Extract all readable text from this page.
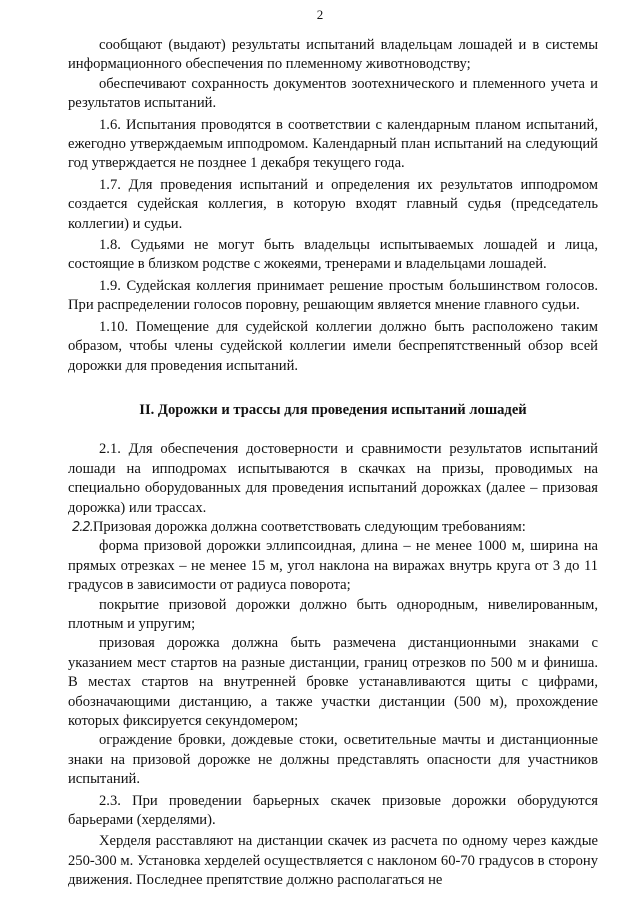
2

сообщают (выдают) результаты испытаний владельцам лошадей и в системы информационного обеспечения по племенному животноводству;

обеспечивают сохранность документов зоотехнического и племенного учета и результатов испытаний.

1.6. Испытания проводятся в соответствии с календарным планом испытаний, ежегодно утверждаемым ипподромом. Календарный план испытаний на следующий год утверждается не позднее 1 декабря текущего года.

1.7. Для проведения испытаний и определения их результатов ипподромом создается судейская коллегия, в которую входят главный судья (председатель коллегии) и судьи.

1.8. Судьями не могут быть владельцы испытываемых лошадей и лица, состоящие в близком родстве с жокеями, тренерами и владельцами лошадей.

1.9. Судейская коллегия принимает решение простым большинством голосов. При распределении голосов поровну, решающим является мнение главного судьи.

1.10. Помещение для судейской коллегии должно быть расположено таким образом, чтобы члены судейской коллегии имели беспрепятственный обзор всей дорожки для проведения испытаний.

II. Дорожки и трассы для проведения испытаний лошадей

2.1. Для обеспечения достоверности и сравнимости результатов испытаний лошади на ипподромах испытываются в скачках на призы, проводимых на специально оборудованных для проведения испытаний дорожках (далее – призовая дорожка) или трассах.

2.2.Призовая дорожка должна соответствовать следующим требованиям:

форма призовой дорожки эллипсоидная, длина – не менее 1000 м, ширина на прямых отрезках – не менее 15 м, угол наклона на виражах внутрь круга от 3 до 11 градусов в зависимости от радиуса поворота;

покрытие призовой дорожки должно быть однородным, нивелированным, плотным и упругим;

призовая дорожка должна быть размечена дистанционными знаками с указанием мест стартов на разные дистанции, границ отрезков по 500 м и финиша. В местах стартов на внутренней бровке устанавливаются щиты с цифрами, обозначающими дистанцию, а также участки дистанции (500 м), прохождение которых фиксируется секундомером;

ограждение бровки, дождевые стоки, осветительные мачты и дистанционные знаки на призовой дорожке не должны представлять опасности для участников испытаний.

2.3. При проведении барьерных скачек призовые дорожки оборудуются барьерами (херделями).

Херделя расставляют на дистанции скачек из расчета по одному через каждые 250-300 м. Установка херделей осуществляется с наклоном 60-70 градусов в сторону движения. Последнее препятствие должно располагаться не
